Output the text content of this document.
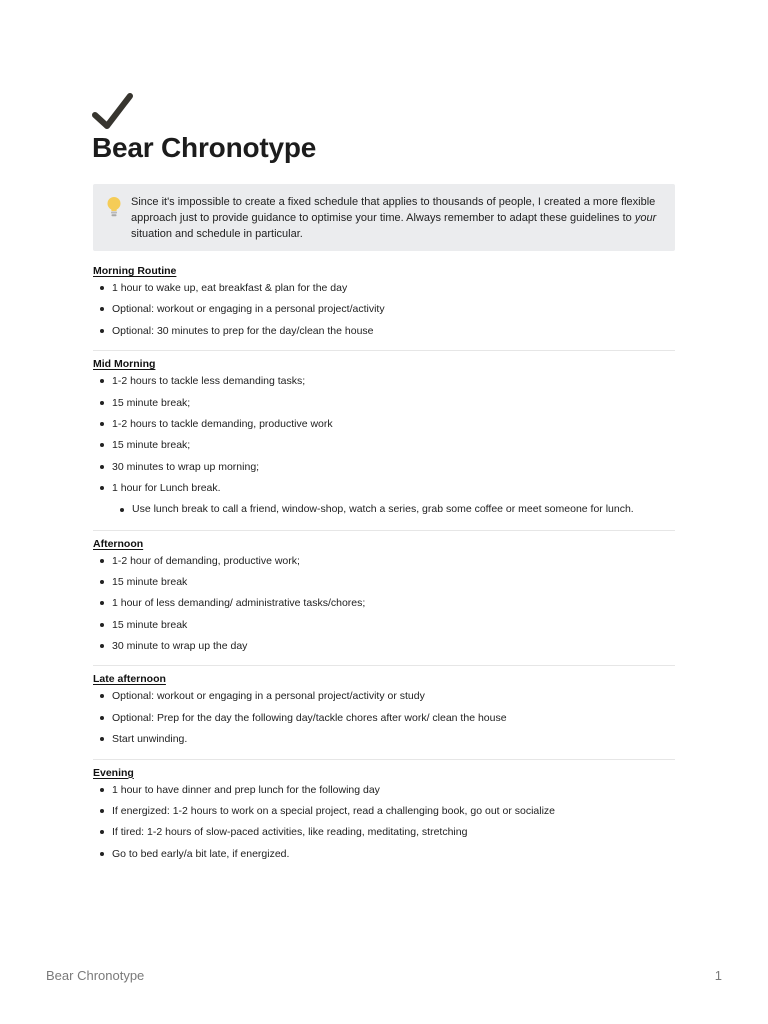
Bear Chronotype

Since it's impossible to create a fixed schedule that applies to thousands of people, I created a more flexible approach just to provide guidance to optimise your time. Always remember to adapt these guidelines to your situation and schedule in particular.

Morning Routine
1 hour to wake up, eat breakfast & plan for the day
Optional: workout or engaging in a personal project/activity
Optional: 30 minutes to prep for the day/clean the house
Mid Morning
1-2 hours to tackle less demanding tasks;
15 minute break;
1-2 hours to tackle demanding, productive work
15 minute break;
30 minutes to wrap up morning;
1 hour for Lunch break.
Use lunch break to call a friend, window-shop, watch a series, grab some coffee or meet someone for lunch.
Afternoon
1-2 hour of demanding, productive work;
15 minute break
1 hour of less demanding/ administrative tasks/chores;
15 minute break
30 minute to wrap up the day
Late afternoon
Optional: workout or engaging in a personal project/activity or study
Optional: Prep for the day the following day/tackle chores after work/ clean the house
Start unwinding.
Evening
1 hour to have dinner and prep lunch for the following day
If energized: 1-2 hours to work on a special project, read a challenging book, go out or socialize
If tired: 1-2 hours of slow-paced activities, like reading, meditating, stretching
Go to bed early/a bit late, if energized.
Bear Chronotype	1
